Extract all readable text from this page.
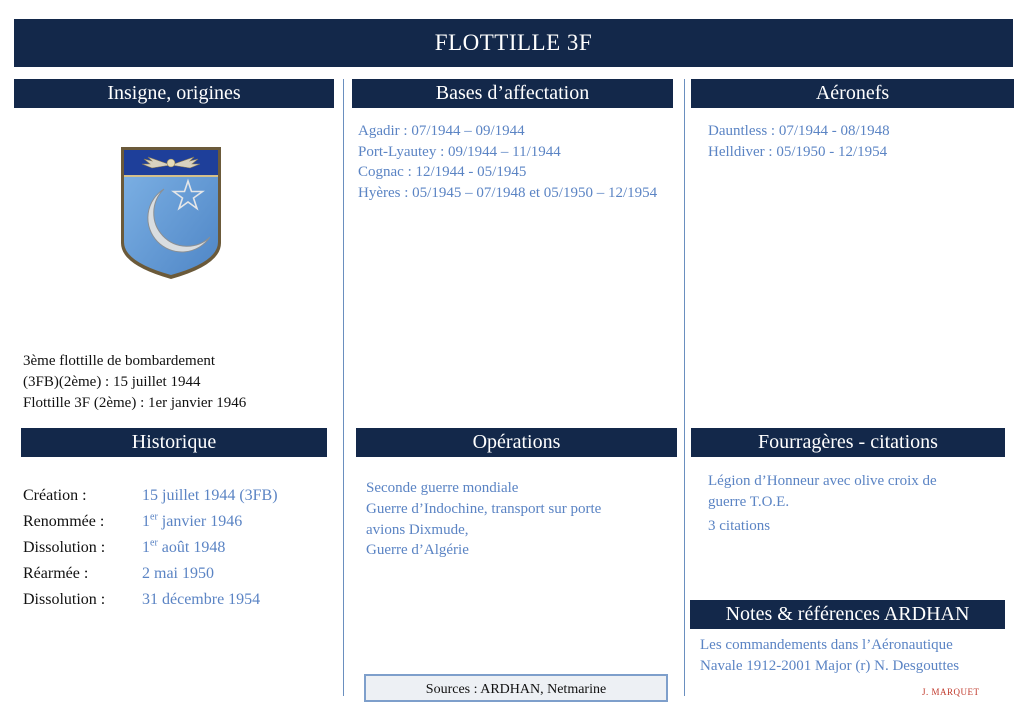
FLOTTILLE 3F
Insigne, origines
3ème flottille de bombardement
(3FB)(2ème) : 15 juillet 1944
Flottille 3F (2ème) : 1er janvier 1946
Bases d’affectation
Agadir : 07/1944 – 09/1944
Port-Lyautey : 09/1944 – 11/1944
Cognac : 12/1944 - 05/1945
Hyères : 05/1945 – 07/1948 et 05/1950 – 12/1954
Aéronefs
Dauntless : 07/1944 - 08/1948
Helldiver : 05/1950 - 12/1954
Historique
Création :	15 juillet 1944 (3FB)
Renommée : 1er janvier 1946
Dissolution : 1er août 1948
Réarmée :	2 mai 1950
Dissolution : 31 décembre 1954
Opérations
Seconde guerre mondiale
Guerre d’Indochine, transport sur porte
avions Dixmude,
Guerre d’Algérie
Fourragères - citations
Légion d’Honneur avec olive croix de
guerre T.O.E.
3 citations
Notes & références ARDHAN
Les commandements dans l’Aéronautique
Navale 1912-2001 Major (r) N. Desgouttes
Sources : ARDHAN, Netmarine	J. MARQUET
